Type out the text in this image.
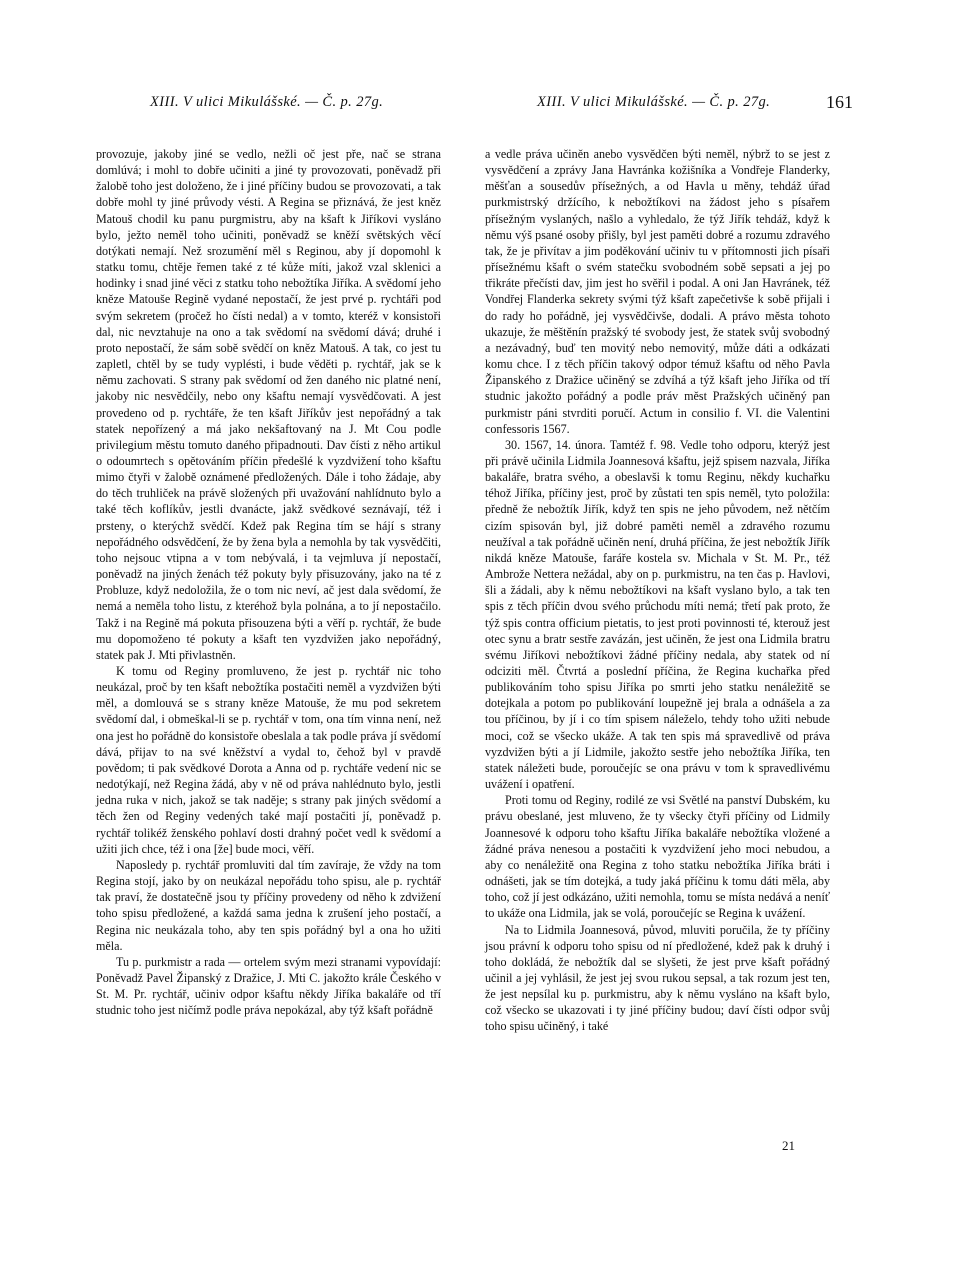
XIII. V ulici Mikulášské. — Č. p. 27g.	XIII. V ulici Mikulášské. — Č. p. 27g.	161

provozuje, jakoby jiné se vedlo, nežli oč jest pře, nač se strana domlúvá; i mohl to dobře učiniti a jiné ty provozovati, poněvadž při žalobě toho jest doloženo, že i jiné příčiny budou se provozovati, a tak dobře mohl ty jiné průvody vésti. A Regina se přiznává, že jest kněz Matouš chodil ku panu purgmistru, aby na kšaft k Jiříkovi vysláno bylo, ježto neměl toho učiniti, poněvadž se kněží světských věcí dotýkati nemají. Než srozumění měl s Reginou, aby jí dopomohl k statku tomu, chtěje řemen také z té kůže míti, jakož vzal sklenici a hodinky i snad jiné věci z statku toho nebožtíka Jiříka. A svědomí jeho kněze Matouše Regině vydané nepostačí, že jest prvé p. rychtáři pod svým sekretem (pročež ho čísti nedal) a v tomto, kteréž v konsistoři dal, nic nevztahuje na ono a tak svědomí na svědomí dává; druhé i proto nepostačí, že sám sobě svědčí on kněz Matouš. A tak, co jest tu zapletl, chtěl by se tudy vyplésti, i bude věděti p. rychtář, jak se k němu zachovati. S strany pak svědomí od žen daného nic platné není, jakoby nic nesvědčily, nebo ony kšaftu nemají vysvědčovati. A jest provedeno od p. rychtáře, že ten kšaft Jiříkův jest nepořádný a tak statek nepořízený a má jako nekšaftovaný na J. Mt Cou podle privilegium městu tomuto daného připadnouti. Dav čísti z něho artikul o odoumrtech s opětováním příčin předešlé k vyzdvižení toho kšaftu mimo čtyři v žalobě oznámené předložených. Dále i toho žádaje, aby do těch truhliček na právě složených při uvažování nahlídnuto bylo a také těch koflíkův, jestli dvanácte, jakž svědkové seznávají, též i prsteny, o kterýchž svědčí. Kdež pak Regina tím se hájí s strany nepořádného odsvědčení, že by žena byla a nemohla by tak vysvědčiti, toho nejsouc vtipna a v tom nebývalá, i ta vejmluva jí nepostačí, poněvadž na jiných ženách též pokuty byly přisuzovány, jako na té z Probluze, když nedoložila, že o tom nic neví, ač jest dala svědomí, že nemá a neměla toho listu, z kteréhož byla polnána, a to jí nepostačilo. Takž i na Regině má pokuta přisouzena býti a věří p. rychtář, že bude mu dopomoženo té pokuty a kšaft ten vyzdvižen jako nepořádný, statek pak J. Mti přivlastněn.

K tomu od Reginy promluveno, že jest p. rychtář nic toho neukázal, proč by ten kšaft nebožtíka postačiti neměl a vyzdvižen býti měl, a domlouvá se s strany kněze Matouše, že mu pod sekretem svědomí dal, i obmeškal-li se p. rychtář v tom, ona tím vinna není, než ona jest ho pořádně do konsistoře obeslala a tak podle práva jí svědomí dává, přijav to na své kněžství a vydal to, čehož byl v pravdě povědom; ti pak svědkové Dorota a Anna od p. rychtáře vedení nic se nedotýkají, než Regina žádá, aby v ně od práva nahlédnuto bylo, jestli jedna ruka v nich, jakož se tak naděje; s strany pak jiných svědomí a těch žen od Reginy vedených také mají postačiti jí, poněvadž p. rychtář tolikéž ženského pohlaví dosti drahný počet vedl k svědomí a užiti jich chce, též i ona [že] bude moci, věří.

Naposledy p. rychtář promluviti dal tím zavíraje, že vždy na tom Regina stojí, jako by on neukázal nepořádu toho spisu, ale p. rychtář tak praví, že dostatečně jsou ty příčiny provedeny od něho k zdvižení toho spisu předložené, a každá sama jedna k zrušení jeho postačí, a Regina nic neukázala toho, aby ten spis pořádný byl a ona ho užiti měla.

Tu p. purkmistr a rada — ortelem svým mezi stranami vypovídají: Poněvadž Pavel Žipanský z Dražice, J. Mti C. jakožto krále Českého v St. M. Pr. rychtář, učiniv odpor kšaftu někdy Jiříka bakaláře od tří studnic toho jest ničímž podle práva nepokázal, aby týž kšaft pořádně

a vedle práva učiněn anebo vysvědčen býti neměl, nýbrž to se jest z vysvědčení a zprávy Jana Havránka kožišníka a Vondřeje Flanderky, měšťan a sousedův přísežných, a od Havla u měny, tehdáž úřad purkmistrský držícího, k nebožtíkovi na žádost jeho s písařem přísežným vyslaných, našlo a vyhledalo, že týž Jiřík tehdáž, když k němu výš psané osoby přišly, byl jest paměti dobré a rozumu zdravého tak, že je přivítav a jim poděkování učiniv tu v přítomnosti jich písaři přísežnému kšaft o svém statečku svobodném sobě sepsati a jej po třikráte přečísti dav, jim jest ho svěřil i podal. A oni Jan Havránek, též Vondřej Flanderka sekrety svými týž kšaft zapečetivše k sobě přijali i do rady ho pořádně, jej vysvědčivše, dodali. A právo města tohoto ukazuje, že měštěnín pražský té svobody jest, že statek svůj svobodný a nezávadný, buď ten movitý nebo nemovitý, může dáti a odkázati komu chce. I z těch příčin takový odpor témuž kšaftu od něho Pavla Žipanského z Dražice učiněný se zdvíhá a týž kšaft jeho Jiříka od tří studnic jakožto pořádný a podle práv měst Pražských učiněný pan purkmistr páni stvrditi poručí. Actum in consilio f. VI. die Valentini confessoris 1567.

30. 1567, 14. února. Tamtéž f. 98. Vedle toho odporu, kterýž jest při právě učinila Lidmila Joannesová kšaftu, jejž spisem nazvala, Jiříka bakaláře, bratra svého, a obeslavši k tomu Reginu, někdy kuchařku téhož Jiříka, příčiny jest, proč by zůstati ten spis neměl, tyto položila: předně že nebožtík Jiřík, když ten spis ne jeho původem, než nětčím cizím spisován byl, již dobré paměti neměl a zdravého rozumu neužíval a tak pořádně učiněn není, druhá příčina, že jest nebožtík Jiřík nikdá kněze Matouše, faráře kostela sv. Michala v St. M. Pr., též Ambrože Nettera nežádal, aby on p. purkmistru, na ten čas p. Havlovi, šli a žádali, aby k němu nebožtíkovi na kšaft vyslano bylo, a tak ten spis z těch příčin dvou svého průchodu míti nemá; třetí pak proto, že týž spis contra officium pietatis, to jest proti povinnosti té, kterouž jest otec synu a bratr sestře zavázán, jest učiněn, že jest ona Lidmila bratru svému Jiříkovi nebožtíkovi žádné příčiny nedala, aby statek od ní odciziti měl. Čtvrtá a poslední příčina, že Regina kuchařka před publikováním toho spisu Jiříka po smrti jeho statku nenáležitě se dotejkala a potom po publikování loupežně jej brala a odnášela a za tou příčinou, by jí i co tím spisem náleželo, tehdy toho užiti nebude moci, což se všecko ukáže. A tak ten spis má spravedlivě od práva vyzdvižen býti a jí Lidmile, jakožto sestře jeho nebožtíka Jiříka, ten statek náležeti bude, poroučejíc se ona právu v tom k spravedlivému uvážení i opatření.

Proti tomu od Reginy, rodilé ze vsi Světlé na panství Dubském, ku právu obeslané, jest mluveno, že ty všecky čtyři příčiny od Lidmily Joannesové k odporu toho kšaftu Jiříka bakaláře nebožtíka vložené a žádné práva nenesou a postačiti k vyzdvižení jeho moci nebudou, a aby co nenáležitě ona Regina z toho statku nebožtíka Jiříka bráti i odnášeti, jak se tím dotejká, a tudy jaká příčinu k tomu dáti měla, aby toho, což jí jest odkázáno, užiti nemohla, tomu se místa nedává a neníť to ukáže ona Lidmila, jak se volá, poroučejíc se Regina k uvážení.

Na to Lidmila Joannesová, původ, mluviti poručila, že ty příčiny jsou právní k odporu toho spisu od ní předložené, kdež pak k druhý i toho dokládá, že nebožtík dal se slyšeti, že jest prve kšaft pořádný učinil a jej vyhlásil, že jest jej svou rukou sepsal, a tak rozum jest ten, že jest nepsílal ku p. purkmistru, aby k němu vysláno na kšaft bylo, což všecko se ukazovati i ty jiné příčiny budou; daví čísti odpor svůj toho spisu učiněný, i také

21
